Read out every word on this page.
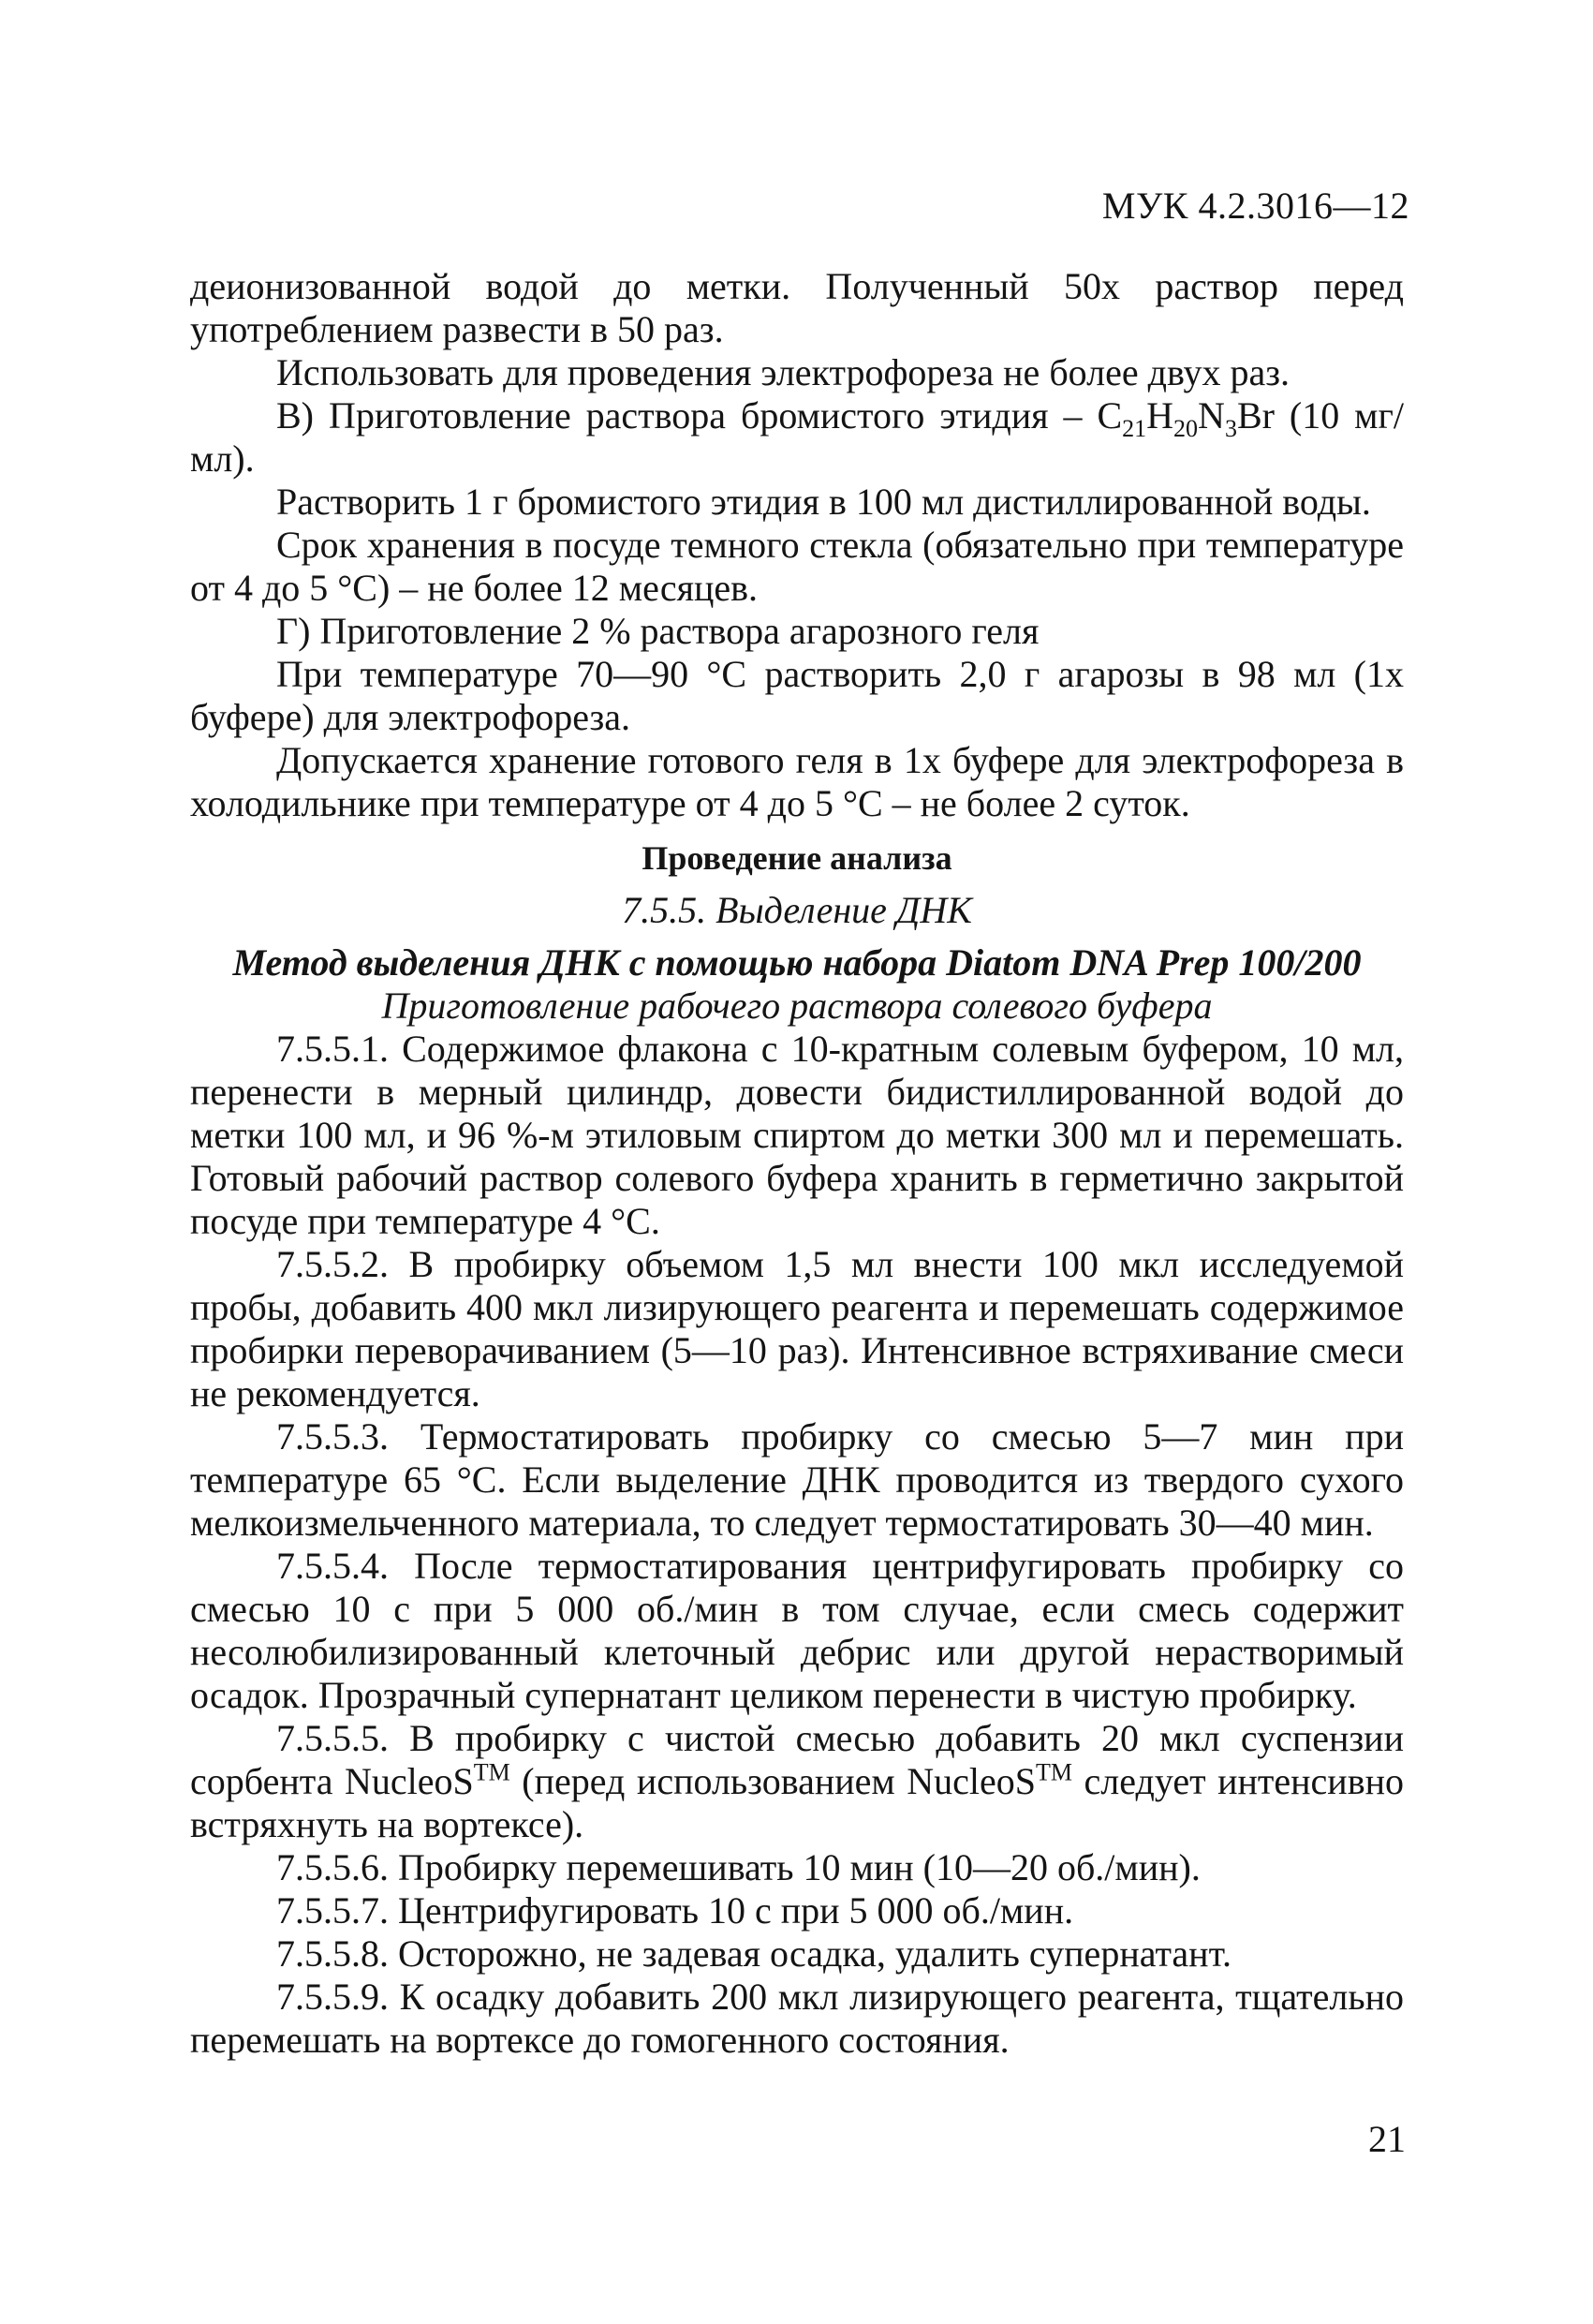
МУК 4.2.3016—12

деионизованной водой до метки. Полученный 50х раствор перед употреблением развести в 50 раз.

Использовать для проведения электрофореза не более двух раз.

В) Приготовление раствора бромистого этидия – $C_{21}H_{20}N_3Br$ (10 мг/мл).

Растворить 1 г бромистого этидия в 100 мл дистиллированной воды.

Срок хранения в посуде темного стекла (обязательно при температуре от 4 до 5 °С) – не более 12 месяцев.

Г) Приготовление 2 % раствора агарозного геля

При температуре 70—90 °С растворить 2,0 г агарозы в 98 мл (1х буфере) для электрофореза.

Допускается хранение готового геля в 1х буфере для электрофореза в холодильнике при температуре от 4 до 5 °С – не более 2 суток.

Проведение анализа

7.5.5. Выделение ДНК

Метод выделения ДНК с помощью набора Diatom DNA Prep 100/200

Приготовление рабочего раствора солевого буфера

7.5.5.1. Содержимое флакона с 10-кратным солевым буфером, 10 мл, перенести в мерный цилиндр, довести бидистиллированной водой до метки 100 мл, и 96 %-м этиловым спиртом до метки 300 мл и перемешать. Готовый рабочий раствор солевого буфера хранить в герметично закрытой посуде при температуре 4 °С.

7.5.5.2. В пробирку объемом 1,5 мл внести 100 мкл исследуемой пробы, добавить 400 мкл лизирующего реагента и перемешать содержимое пробирки переворачиванием (5—10 раз). Интенсивное встряхивание смеси не рекомендуется.

7.5.5.3. Термостатировать пробирку со смесью 5—7 мин при температуре 65 °С. Если выделение ДНК проводится из твердого сухого мелкоизмельченного материала, то следует термостатировать 30—40 мин.

7.5.5.4. После термостатирования центрифугировать пробирку со смесью 10 с при 5 000 об./мин в том случае, если смесь содержит несолюбилизированный клеточный дебрис или другой нерастворимый осадок. Прозрачный супернатант целиком перенести в чистую пробирку.

7.5.5.5. В пробирку с чистой смесью добавить 20 мкл суспензии сорбента NucleoS™ (перед использованием NucleoS™ следует интенсивно встряхнуть на вортексе).

7.5.5.6. Пробирку перемешивать 10 мин (10—20 об./мин).

7.5.5.7. Центрифугировать 10 с при 5 000 об./мин.

7.5.5.8. Осторожно, не задевая осадка, удалить супернатант.

7.5.5.9. К осадку добавить 200 мкл лизирующего реагента, тщательно перемешать на вортексе до гомогенного состояния.

21
